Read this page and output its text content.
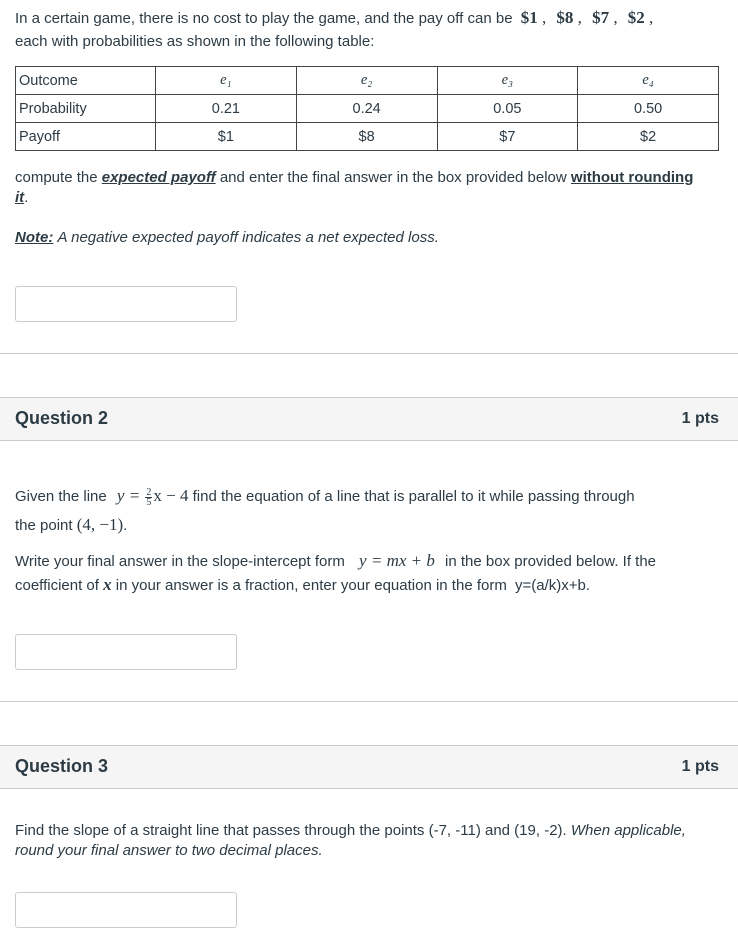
In a certain game, there is no cost to play the game, and the pay off can be $1 , $8 , $7 , $2 ,
each with probabilities as shown in the following table:
Outcome	e₁	e₂	e₃	e₄
Probability	0.21	0.24	0.05	0.50
Payoff	$1	$8	$7	$2
compute the expected payoff and enter the final answer in the box provided below without rounding
it.
Note: A negative expected payoff indicates a net expected loss.
Question 2	1 pts
Given the line $y = \frac{2}{5}$ x − 4 find the equation of a line that is parallel to it while passing through
the point (4, −1).
Write your final answer in the slope-intercept form y = mx + b in the box provided below. If the
coefficient of x in your answer is a fraction, enter your equation in the form y=(a/k)x+b.
Question 3	1 pts
Find the slope of a straight line that passes through the points (-7, -11) and (19, -2). When applicable,
round your final answer to two decimal places.
